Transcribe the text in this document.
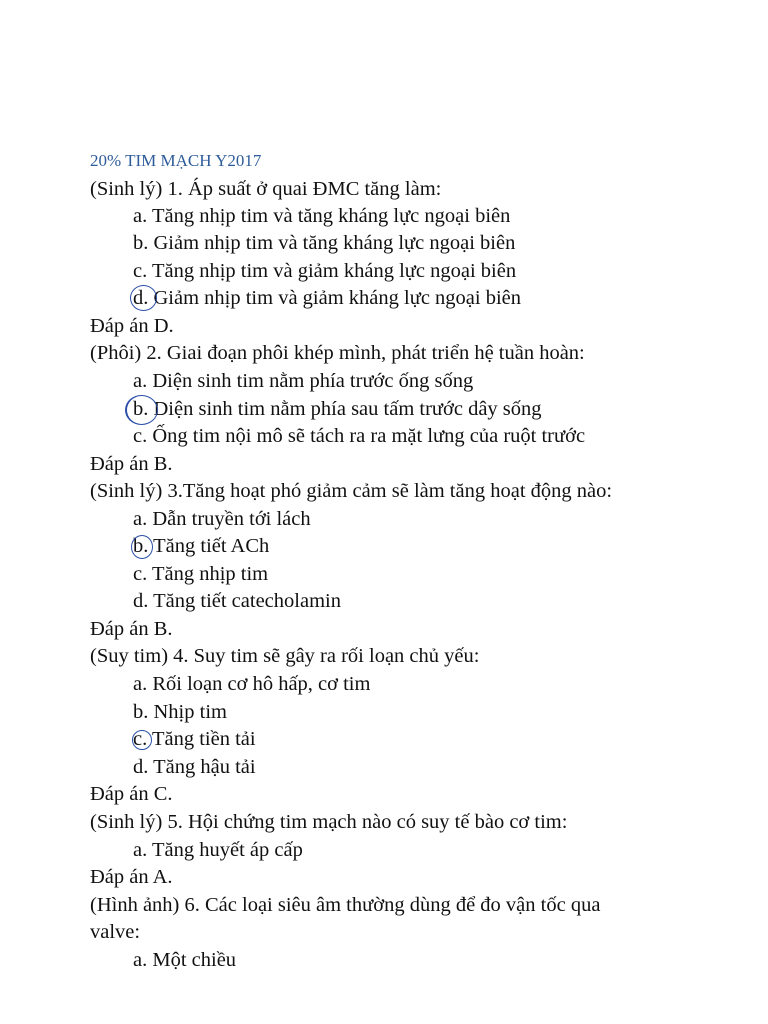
20% TIM MẠCH Y2017
(Sinh lý) 1. Áp suất ở quai ĐMC tăng làm:
a. Tăng nhịp tim và tăng kháng lực ngoại biên
b. Giảm nhịp tim và tăng kháng lực ngoại biên
c. Tăng nhịp tim và giảm kháng lực ngoại biên
d. Giảm nhịp tim và giảm kháng lực ngoại biên
Đáp án D.
(Phôi) 2. Giai đoạn phôi khép mình, phát triển hệ tuần hoàn:
a. Diện sinh tim nằm phía trước ống sống
b. Diện sinh tim nằm phía sau tấm trước dây sống
c. Ống tim nội mô sẽ tách ra ra mặt lưng của ruột trước
Đáp án B.
(Sinh lý) 3.Tăng hoạt phó giảm cảm sẽ làm tăng hoạt động nào:
a. Dẫn truyền tới lách
b. Tăng tiết ACh
c. Tăng nhịp tim
d. Tăng tiết catecholamin
Đáp án B.
(Suy tim) 4. Suy tim sẽ gây ra rối loạn chủ yếu:
a. Rối loạn cơ hô hấp, cơ tim
b. Nhịp tim
c. Tăng tiền tải
d. Tăng hậu tải
Đáp án C.
(Sinh lý) 5. Hội chứng tim mạch nào có suy tế bào cơ tim:
a. Tăng huyết áp cấp
Đáp án A.
(Hình ảnh) 6. Các loại siêu âm thường dùng để đo vận tốc qua
valve:
a. Một chiều
